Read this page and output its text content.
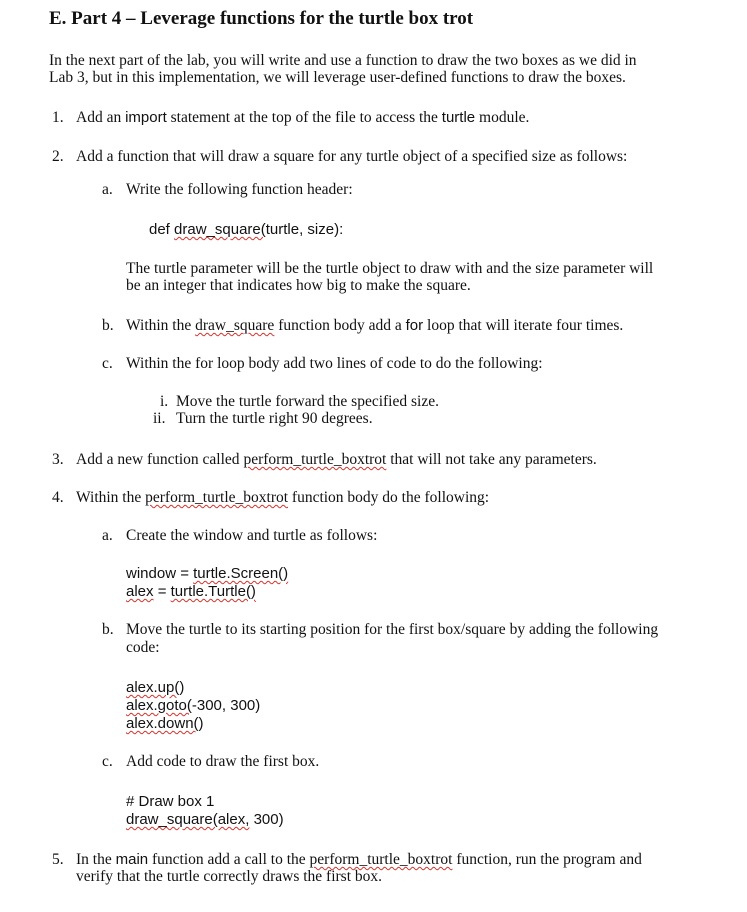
E. Part 4 – Leverage functions for the turtle box trot
In the next part of the lab, you will write and use a function to draw the two boxes as we did in
Lab 3, but in this implementation, we will leverage user-defined functions to draw the boxes.
1. Add an import statement at the top of the file to access the turtle module.
2. Add a function that will draw a square for any turtle object of a specified size as follows:
a. Write the following function header:
def draw_square(turtle, size):
The turtle parameter will be the turtle object to draw with and the size parameter will
be an integer that indicates how big to make the square.
b. Within the draw_square function body add a for loop that will iterate four times.
c. Within the for loop body add two lines of code to do the following:
i. Move the turtle forward the specified size.
ii. Turn the turtle right 90 degrees.
3. Add a new function called perform_turtle_boxtrot that will not take any parameters.
4. Within the perform_turtle_boxtrot function body do the following:
a. Create the window and turtle as follows:
window = turtle.Screen()
alex = turtle.Turtle()
b. Move the turtle to its starting position for the first box/square by adding the following
code:
alex.up()
alex.goto(-300, 300)
alex.down()
c. Add code to draw the first box.
# Draw box 1
draw_square(alex, 300)
5. In the main function add a call to the perform_turtle_boxtrot function, run the program and
verify that the turtle correctly draws the first box.
